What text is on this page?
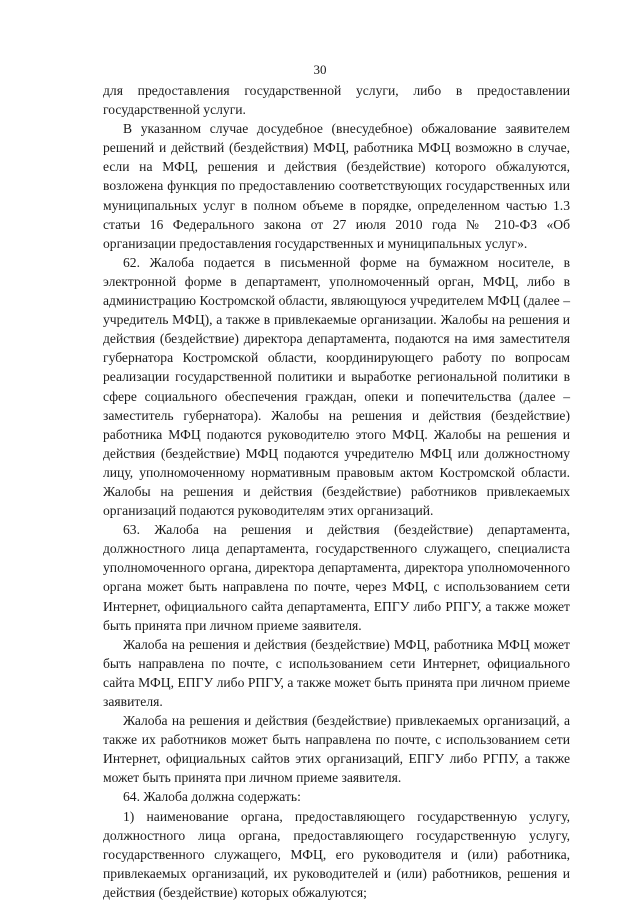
30

для предоставления государственной услуги, либо в предоставлении государственной услуги.

В указанном случае досудебное (внесудебное) обжалование заявителем решений и действий (бездействия) МФЦ, работника МФЦ возможно в случае, если на МФЦ, решения и действия (бездействие) которого обжалуются, возложена функция по предоставлению соответствующих государственных или муниципальных услуг в полном объеме в порядке, определенном частью 1.3 статьи 16 Федерального закона от 27 июля 2010 года № 210-ФЗ «Об организации предоставления государственных и муниципальных услуг».

62. Жалоба подается в письменной форме на бумажном носителе, в электронной форме в департамент, уполномоченный орган, МФЦ, либо в администрацию Костромской области, являющуюся учредителем МФЦ (далее – учредитель МФЦ), а также в привлекаемые организации. Жалобы на решения и действия (бездействие) директора департамента, подаются на имя заместителя губернатора Костромской области, координирующего работу по вопросам реализации государственной политики и выработке региональной политики в сфере социального обеспечения граждан, опеки и попечительства (далее – заместитель губернатора). Жалобы на решения и действия (бездействие) работника МФЦ подаются руководителю этого МФЦ. Жалобы на решения и действия (бездействие) МФЦ подаются учредителю МФЦ или должностному лицу, уполномоченному нормативным правовым актом Костромской области. Жалобы на решения и действия (бездействие) работников привлекаемых организаций подаются руководителям этих организаций.

63. Жалоба на решения и действия (бездействие) департамента, должностного лица департамента, государственного служащего, специалиста уполномоченного органа, директора департамента, директора уполномоченного органа может быть направлена по почте, через МФЦ, с использованием сети Интернет, официального сайта департамента, ЕПГУ либо РПГУ, а также может быть принята при личном приеме заявителя.

Жалоба на решения и действия (бездействие) МФЦ, работника МФЦ может быть направлена по почте, с использованием сети Интернет, официального сайта МФЦ, ЕПГУ либо РПГУ, а также может быть принята при личном приеме заявителя.

Жалоба на решения и действия (бездействие) привлекаемых организаций, а также их работников может быть направлена по почте, с использованием сети Интернет, официальных сайтов этих организаций, ЕПГУ либо РГПУ, а также может быть принята при личном приеме заявителя.

64. Жалоба должна содержать:

1) наименование органа, предоставляющего государственную услугу, должностного лица органа, предоставляющего государственную услугу, государственного служащего, МФЦ, его руководителя и (или) работника, привлекаемых организаций, их руководителей и (или) работников, решения и действия (бездействие) которых обжалуются;
